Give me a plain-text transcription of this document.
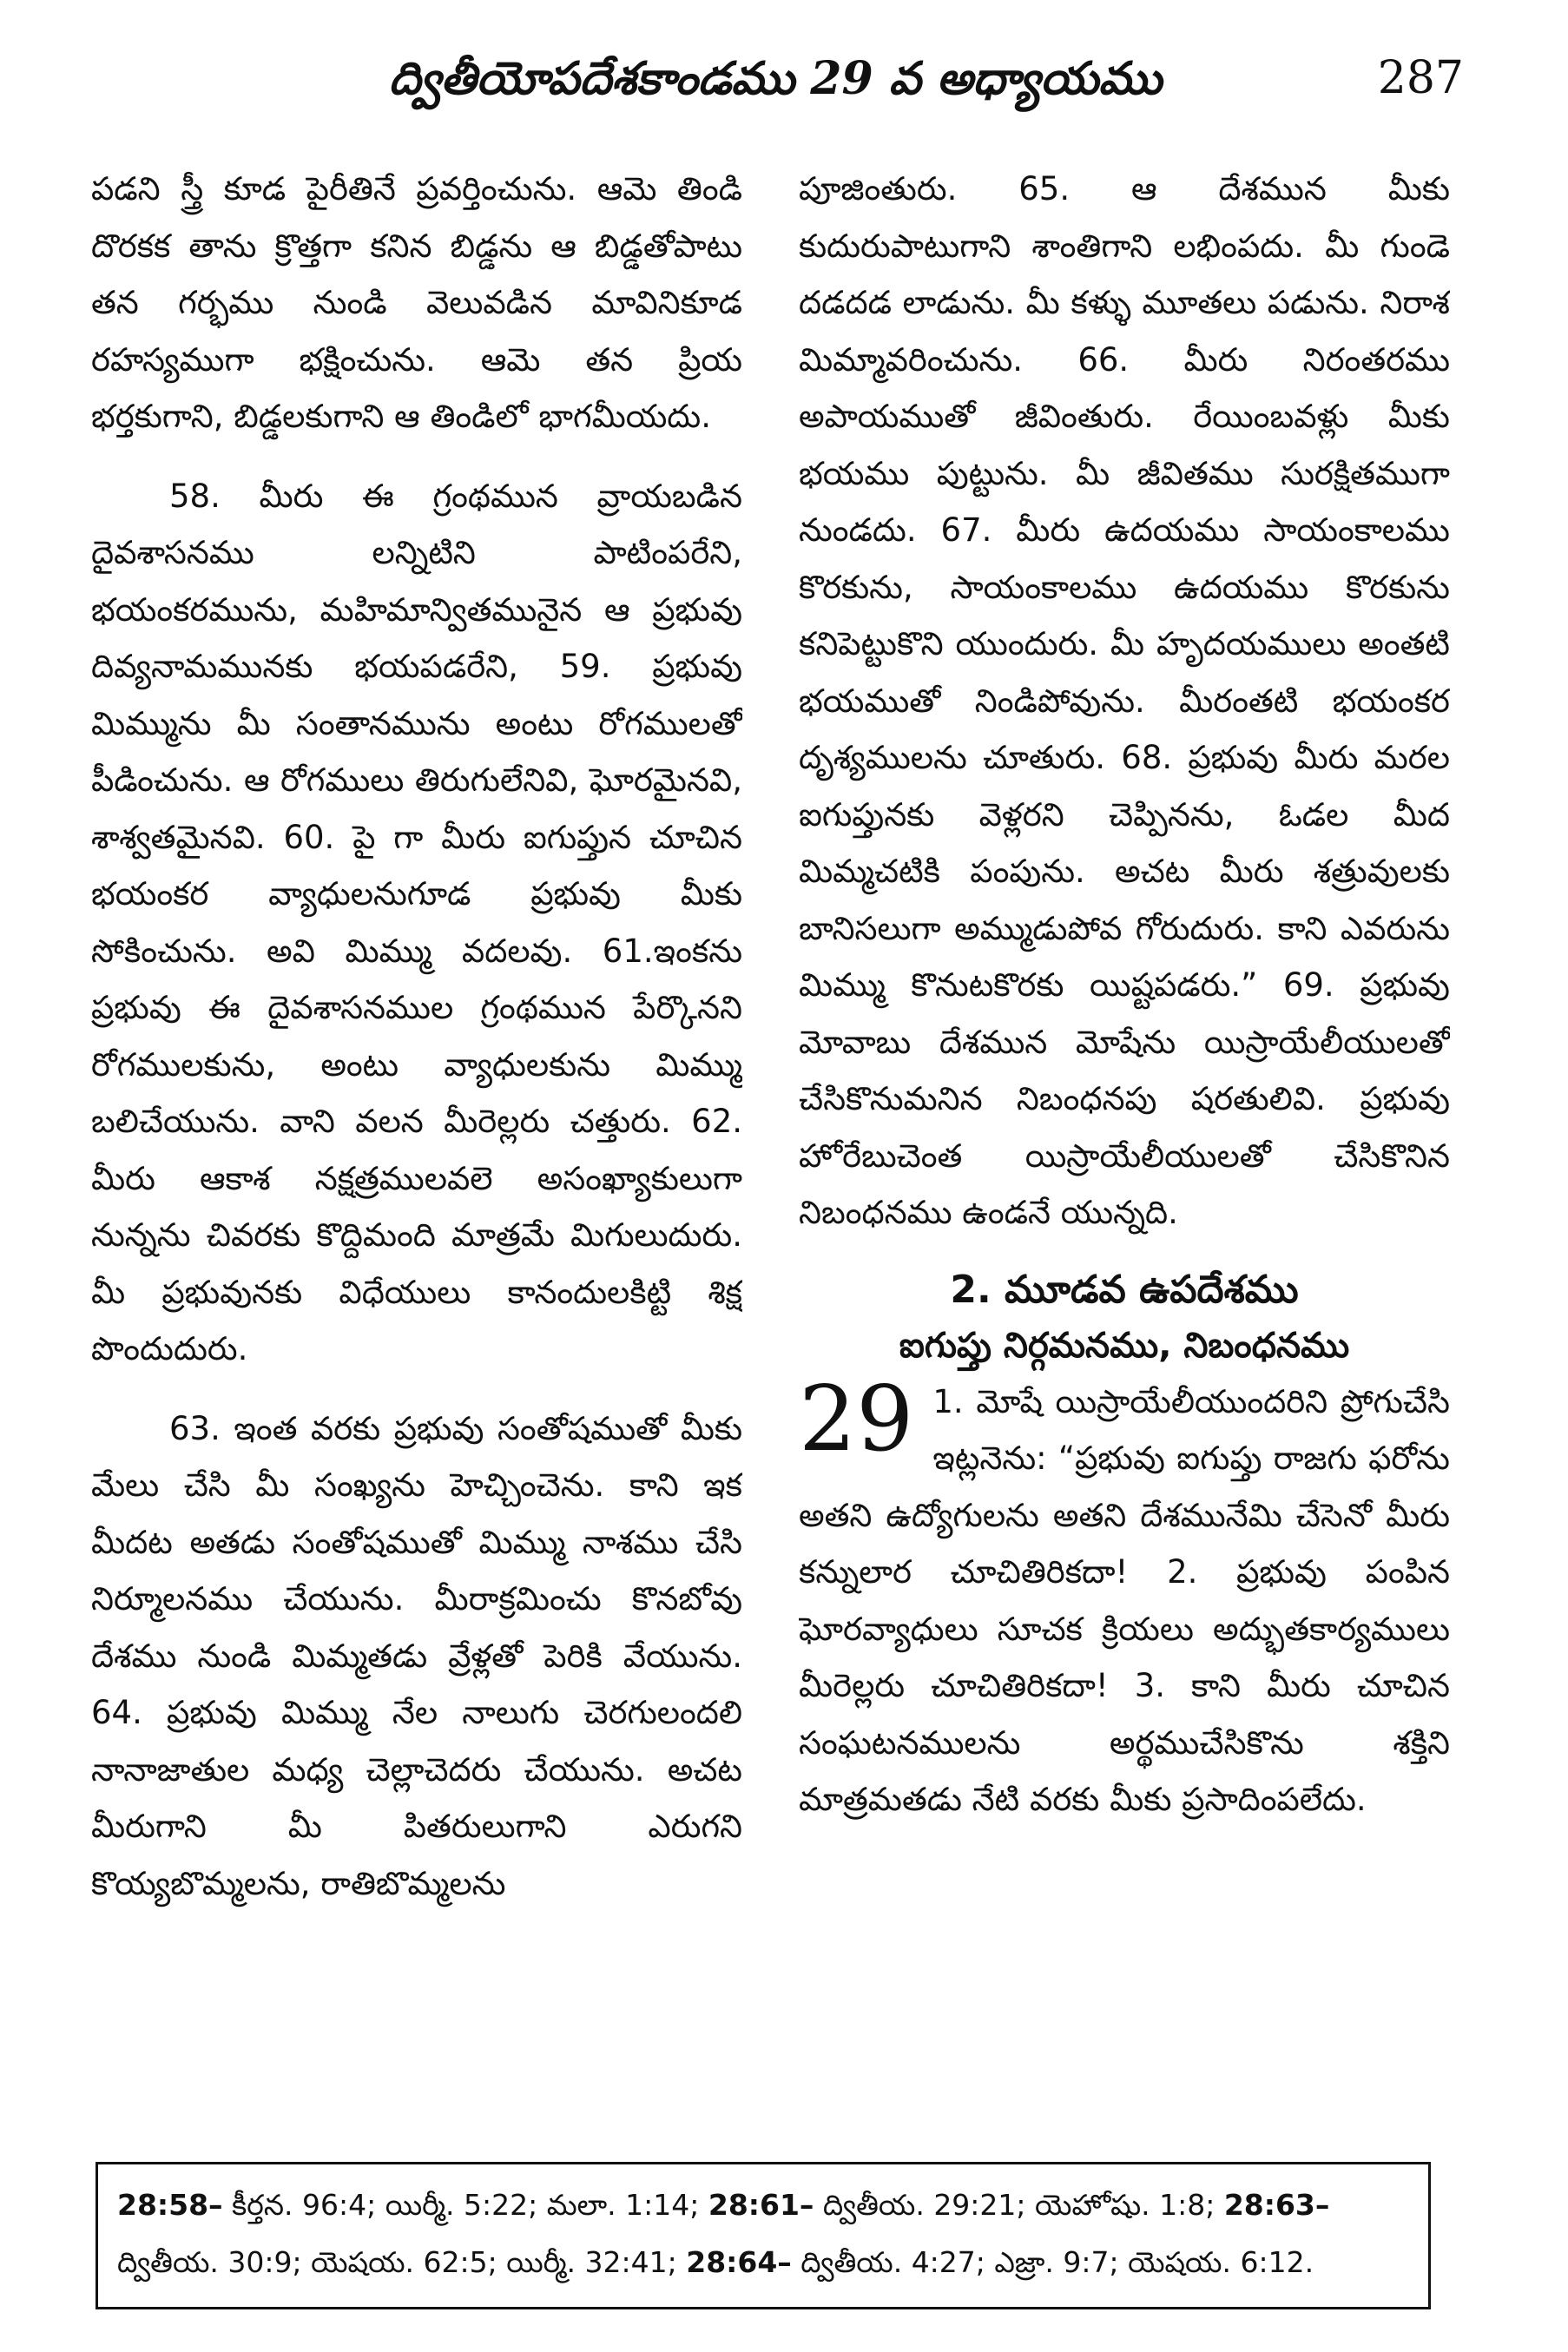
ద్వితీయోపదేశకాండము 29 వ అధ్యాయము	287

పడని స్త్రీ కూడ పైరీతినే ప్రవర్తించును. ఆమె తిండి దొరకక తాను క్రొత్తగా కనిన బిడ్డను ఆ బిడ్డతోపాటు తన గర్భము నుండి వెలువడిన మావినికూడ రహస్యముగా భక్షించును. ఆమె తన ప్రియ భర్తకుగాని, బిడ్డలకుగాని ఆ తిండిలో భాగమీయదు.

58. మీరు ఈ గ్రంథమున వ్రాయబడిన దైవశాసనము లన్నిటిని పాటింపరేని, భయంకరమును, మహిమాన్వితమునైన ఆ ప్రభువు దివ్యనామమునకు భయపడరేని, 59. ప్రభువు మిమ్మును మీ సంతానమును అంటు రోగములతో పీడించును. ఆ రోగములు తిరుగులేనివి, ఘోరమైనవి, శాశ్వతమైనవి. 60. పై గా మీరు ఐగుప్తున చూచిన భయంకర వ్యాధులనుగూడ ప్రభువు మీకు సోకించును. అవి మిమ్ము వదలవు. 61.ఇంకను ప్రభువు ఈ దైవశాసనముల గ్రంథమున పేర్కొనని రోగములకును, అంటు వ్యాధులకును మిమ్ము బలిచేయును. వాని వలన మీరెల్లరు చత్తురు. 62. మీరు ఆకాశ నక్షత్రములవలె అసంఖ్యాకులుగా నున్నను చివరకు కొద్దిమంది మాత్రమే మిగులుదురు. మీ ప్రభువునకు విధేయులు కానందులకిట్టి శిక్ష పొందుదురు.

63. ఇంత వరకు ప్రభువు సంతోషముతో మీకు మేలు చేసి మీ సంఖ్యను హెచ్చించెను. కాని ఇక మీదట అతడు సంతోషముతో మిమ్ము నాశము చేసి నిర్మూలనము చేయును. మీరాక్రమించు కొనబోవు దేశము నుండి మిమ్మతడు వ్రేళ్లతో పెరికి వేయును. 64. ప్రభువు మిమ్ము నేల నాలుగు చెరగులందలి నానాజాతుల మధ్య చెల్లాచెదరు చేయును. అచట మీరుగాని మీ పితరులుగాని ఎరుగని కొయ్యబొమ్మలను, రాతిబొమ్మలను

పూజింతురు. 65. ఆ దేశమున మీకు కుదురుపాటుగాని శాంతిగాని లభింపదు. మీ గుండె దడదడ లాడును. మీ కళ్ళు మూతలు పడును. నిరాశ మిమ్మావరించును. 66. మీరు నిరంతరము అపాయముతో జీవింతురు. రేయింబవళ్లు మీకు భయము పుట్టును. మీ జీవితము సురక్షితముగా నుండదు. 67. మీరు ఉదయము సాయంకాలము కొరకును, సాయంకాలము ఉదయము కొరకును కనిపెట్టుకొని యుందురు. మీ హృదయములు అంతటి భయముతో నిండిపోవును. మీరంతటి భయంకర దృశ్యములను చూతురు. 68. ప్రభువు మీరు మరల ఐగుప్తునకు వెళ్లరని చెప్పినను, ఓడల మీద మిమ్మచటికి పంపును. అచట మీరు శత్రువులకు బానిసలుగా అమ్ముడుపోవ గోరుదురు. కాని ఎవరును మిమ్ము కొనుటకొరకు యిష్టపడరు.” 69. ప్రభువు మోవాబు దేశమున మోషేను యిస్రాయేలీయులతో చేసికొనుమనిన నిబంధనపు షరతులివి. ప్రభువు హోరేబుచెంత యిస్రాయేలీయులతో చేసికొనిన నిబంధనము ఉండనే యున్నది.

2. మూడవ ఉపదేశము
ఐగుప్తు నిర్గమనము, నిబంధనము

29 1. మోషే యిస్రాయేలీయుందరిని ప్రోగుచేసి ఇట్లనెను: “ప్రభువు ఐగుప్తు రాజగు ఫరోను అతని ఉద్యోగులను అతని దేశమునేమి చేసెనో మీరు కన్నులార చూచితిరికదా! 2. ప్రభువు పంపిన ఘోరవ్యాధులు సూచక క్రియలు అద్భుతకార్యములు మీరెల్లరు చూచితిరికదా! 3. కాని మీరు చూచిన సంఘటనములను అర్థముచేసికొను శక్తిని మాత్రమతడు నేటి వరకు మీకు ప్రసాదింపలేదు.

28:58– కీర్తన. 96:4; యిర్మీ. 5:22; మలా. 1:14; 28:61– ద్వితీయ. 29:21; యెహోషు. 1:8; 28:63– ద్వితీయ. 30:9; యెషయ. 62:5; యిర్మీ. 32:41; 28:64– ద్వితీయ. 4:27; ఎజ్రా. 9:7; యెషయ. 6:12.
